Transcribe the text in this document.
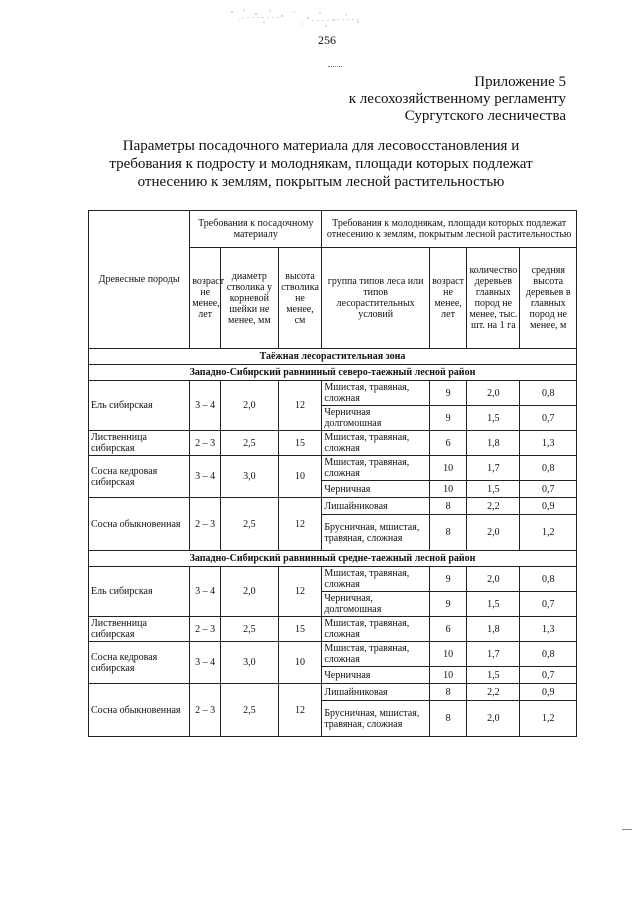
256
Приложение 5
к лесохозяйственному регламенту
Сургутского лесничества
Параметры посадочного материала для лесовосстановления и
требования к подросту и молоднякам, площади которых подлежат
отнесению к землям, покрытым лесной растительностью
Древесные породы	Требования к посадочному материалу			Требования к молоднякам, площади которых подлежат отнесению к землям, покрытым лесной растительностью			
	возраст не менее, лет	диаметр стволика у корневой шейки не менее, мм	высота стволика не менее, см	группа типов леса или типов лесорастительных условий	возраст не менее, лет	количество деревьев главных пород не менее, тыс. шт. на 1 га	средняя высота деревьев в главных пород не менее, м
Таёжная лесорастительная зона							
Западно-Сибирский равнинный северо-таежный лесной район							
Ель сибирская	3 – 4	2,0	12	Мшистая, травяная, сложная	9	2,0	0,8
				Черничная долгомошная	9	1,5	0,7
Лиственница сибирская	2 – 3	2,5	15	Мшистая, травяная, сложная	6	1,8	1,3
Сосна кедровая сибирская	3 – 4	3,0	10	Мшистая, травяная, сложная	10	1,7	0,8
				Черничная	10	1,5	0,7
Сосна обыкновенная	2 – 3	2,5	12	Лишайниковая	8	2,2	0,9
				Брусничная, мшистая, травяная, сложная	8	2,0	1,2
Западно-Сибирский равнинный средне-таежный лесной район							
Ель сибирская	3 – 4	2,0	12	Мшистая, травяная, сложная	9	2,0	0,8
				Черничная, долгомошная	9	1,5	0,7
Лиственница сибирская	2 – 3	2,5	15	Мшистая, травяная, сложная	6	1,8	1,3
Сосна кедровая сибирская	3 – 4	3,0	10	Мшистая, травяная, сложная	10	1,7	0,8
				Черничная	10	1,5	0,7
Сосна обыкновенная	2 – 3	2,5	12	Лишайниковая	8	2,2	0,9
				Брусничная, мшистая, травяная, сложная	8	2,0	1,2
